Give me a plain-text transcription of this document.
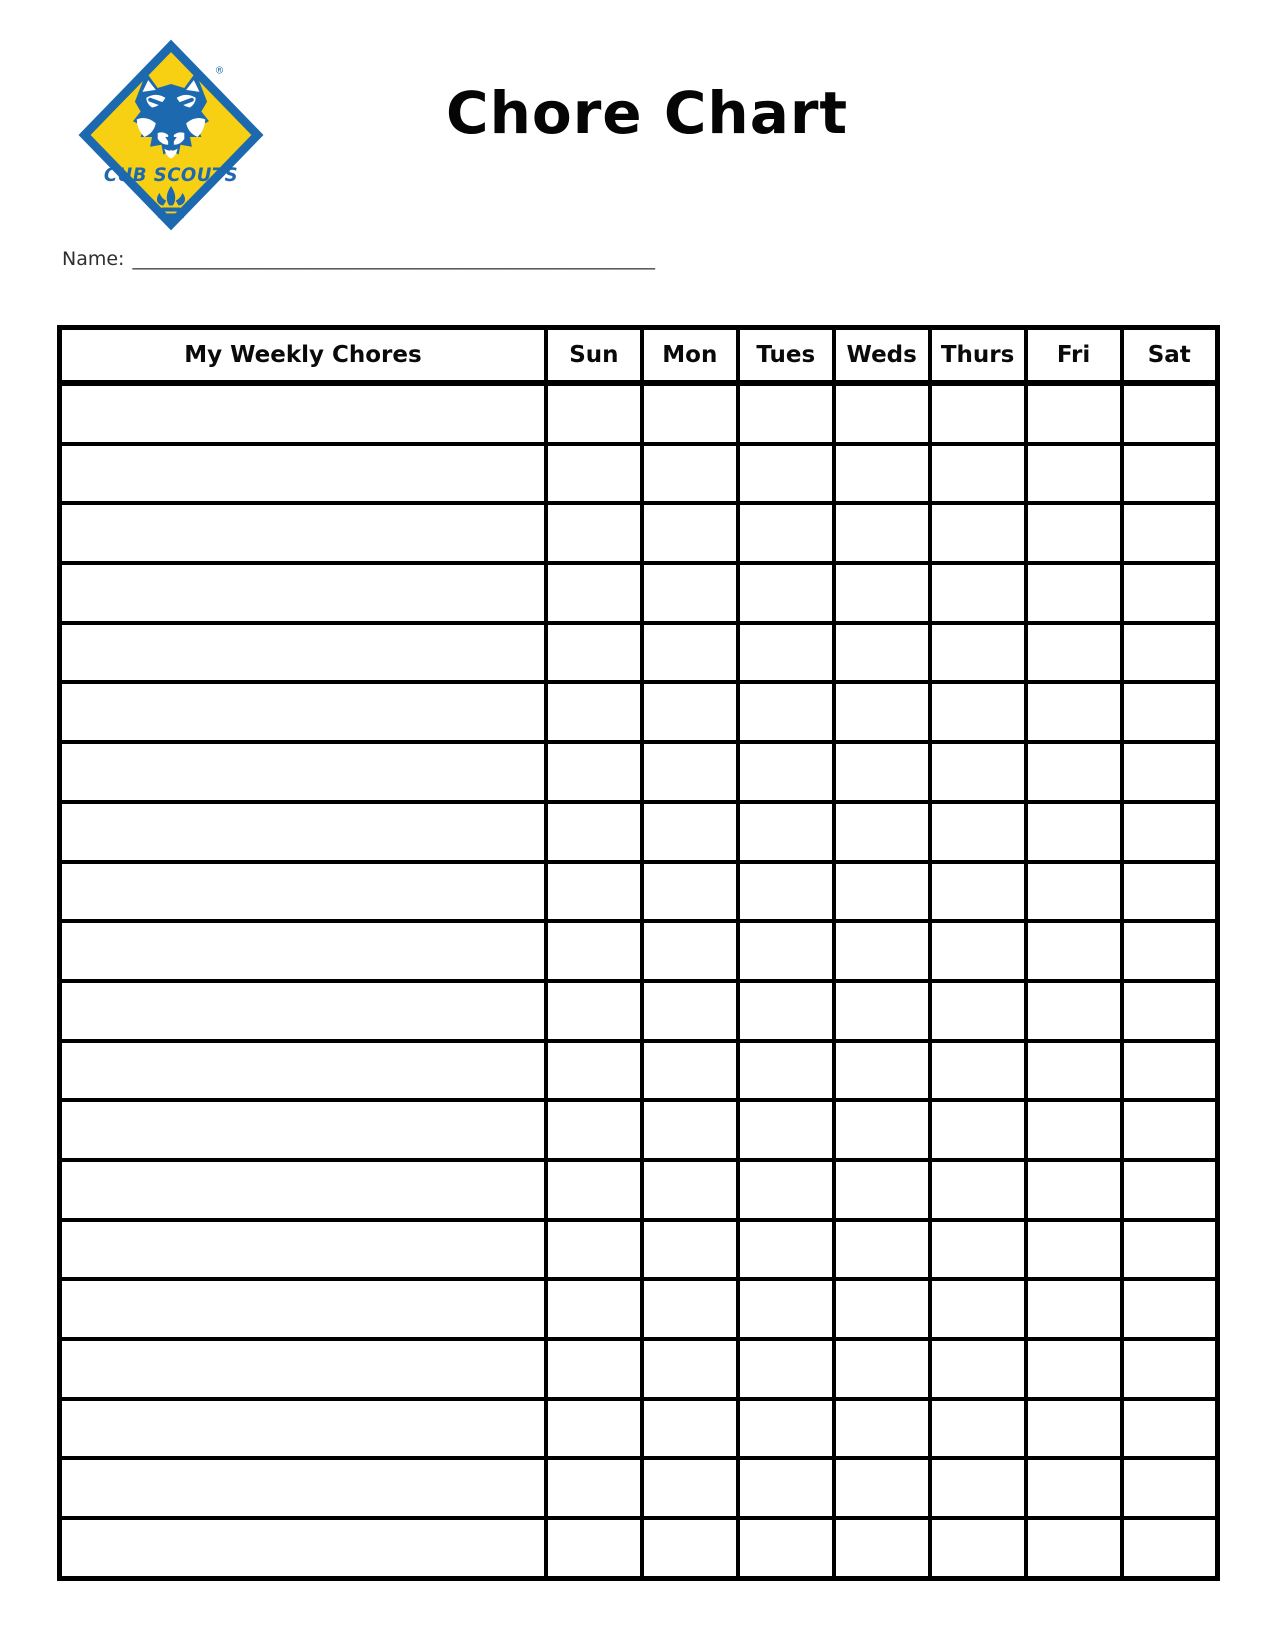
®
CUB SCOUTS
Chore Chart
Name: _______________________________________________________
My Weekly Chores	Sun	Mon	Tues	Weds	Thurs	Fri	Sat
